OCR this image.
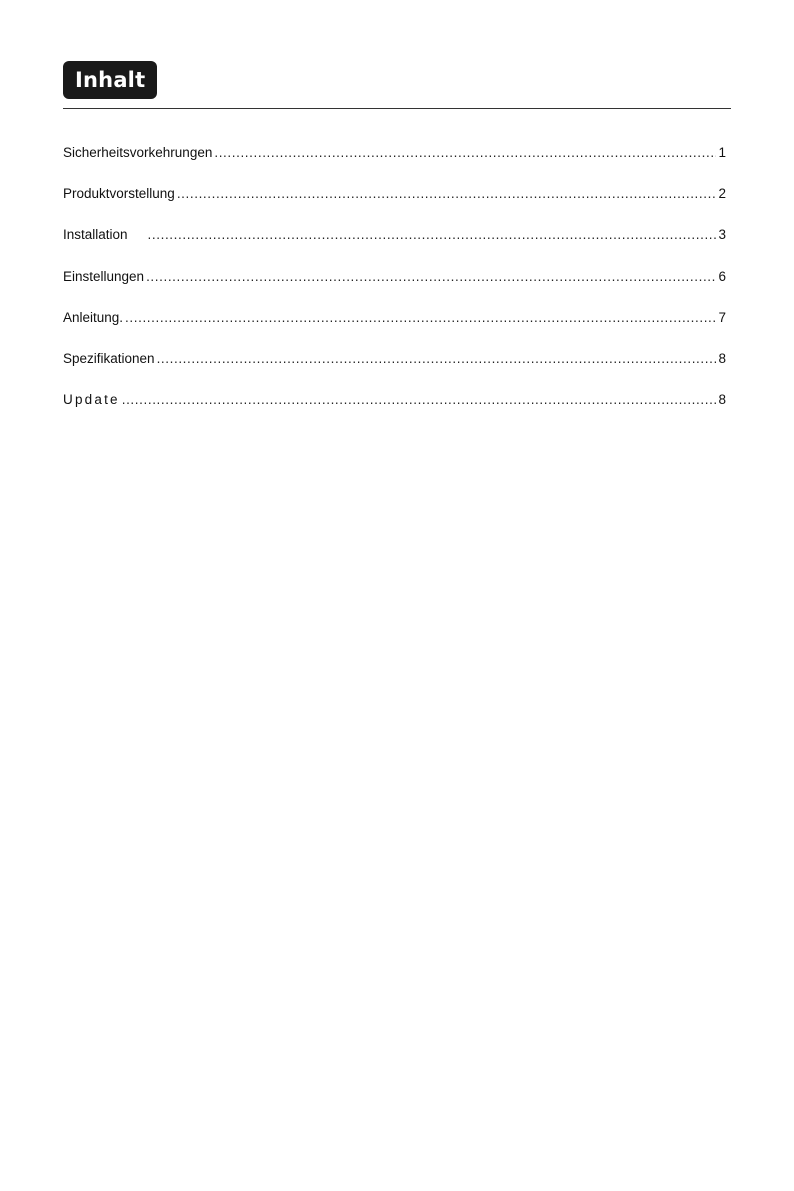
Inhalt
Sicherheitsvorkehrungen .....	1
Produktvorstellung .....	2
Installation .....	3
Einstellungen .....	6
Anleitung. .....	7
Spezifikationen .....	8
Update .....	8
